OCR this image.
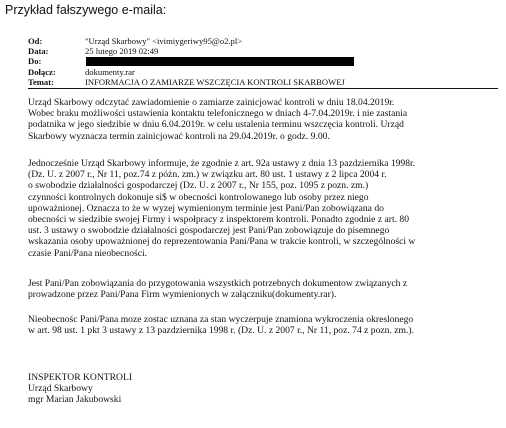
Przykład fałszywego e-maila:
Od:	"Urząd Skarbowy" <ivimiygeriwy95@o2.pl>
Data:	25 lutego 2019 02:49
Do:
Dołącz:	dokumenty.rar
Temat:	INFORMACJA O ZAMIARZE WSZCZĘCIA KONTROLI SKARBOWEJ
Urząd Skarbowy odczytać zawiadomienie o zamiarze zainicjować kontroli w dniu 18.04.2019r.
Wobec braku możliwości ustawienia kontaktu telefonicznego w dniach 4-7.04.2019r. i nie zastania
podatnika w jego siedzibie w dniu 6.04.2019r. w celu ustalenia terminu wszczęcia kontroli. Urząd
Skarbowy wyznacza termin zainicjować kontroli na 29.04.2019r. o godz. 9.00.
Jednocześnie Urząd Skarbowy informuje, że zgodnie z art. 92a ustawy z dnia 13 pazdziernika 1998r.
(Dz. U. z 2007 r., Nr 11, poz.74 z póżn. zm.) w związku art. 80 ust. 1 ustawy z 2 lipca 2004 r.
o swobodzie działalności gospodarczej (Dz. U. z 2007 r., Nr 155, poz. 1095 z pozn. zm.)
czynności kontrolnych dokonuje si$ w obecności kontrolowanego lub osoby przez niego
upoważnionej. Oznacza to że w wyzej wymienionym terminie jest Pani/Pan zobowiązana do
obecności w siedzibie swojej Firmy i wspołpracy z inspektorem kontroli. Ponadto zgodnie z art. 80
ust. 3 ustawy o swobodzie działalności gospodarczej jest Pani/Pan zobowiązuje do pisemnego
wskazania osoby upoważnionej do reprezentowania Pani/Pana w trakcie kontroli, w szczególności w
czasie Pani/Pana nieobecności.
Jest Pani/Pan zobowiązania do przygotowania wszystkich potrzebnych dokumentow związanych z
prowadzone przez Pani/Pana Firm wymienionych w załączniku(dokumenty.rar).
Nieobecnośc Pani/Pana moze zostac uznana za stan wyczerpuje znamiona wykroczenia okreslonego
w art. 98 ust. 1 pkt 3 ustawy z 13 pazdziernika 1998 r. (Dz. U. z 2007 r., Nr 11, poz. 74 z pozn. zm.).
INSPEKTOR KONTROLI
Urząd Skarbowy
mgr Marian Jakubowski
